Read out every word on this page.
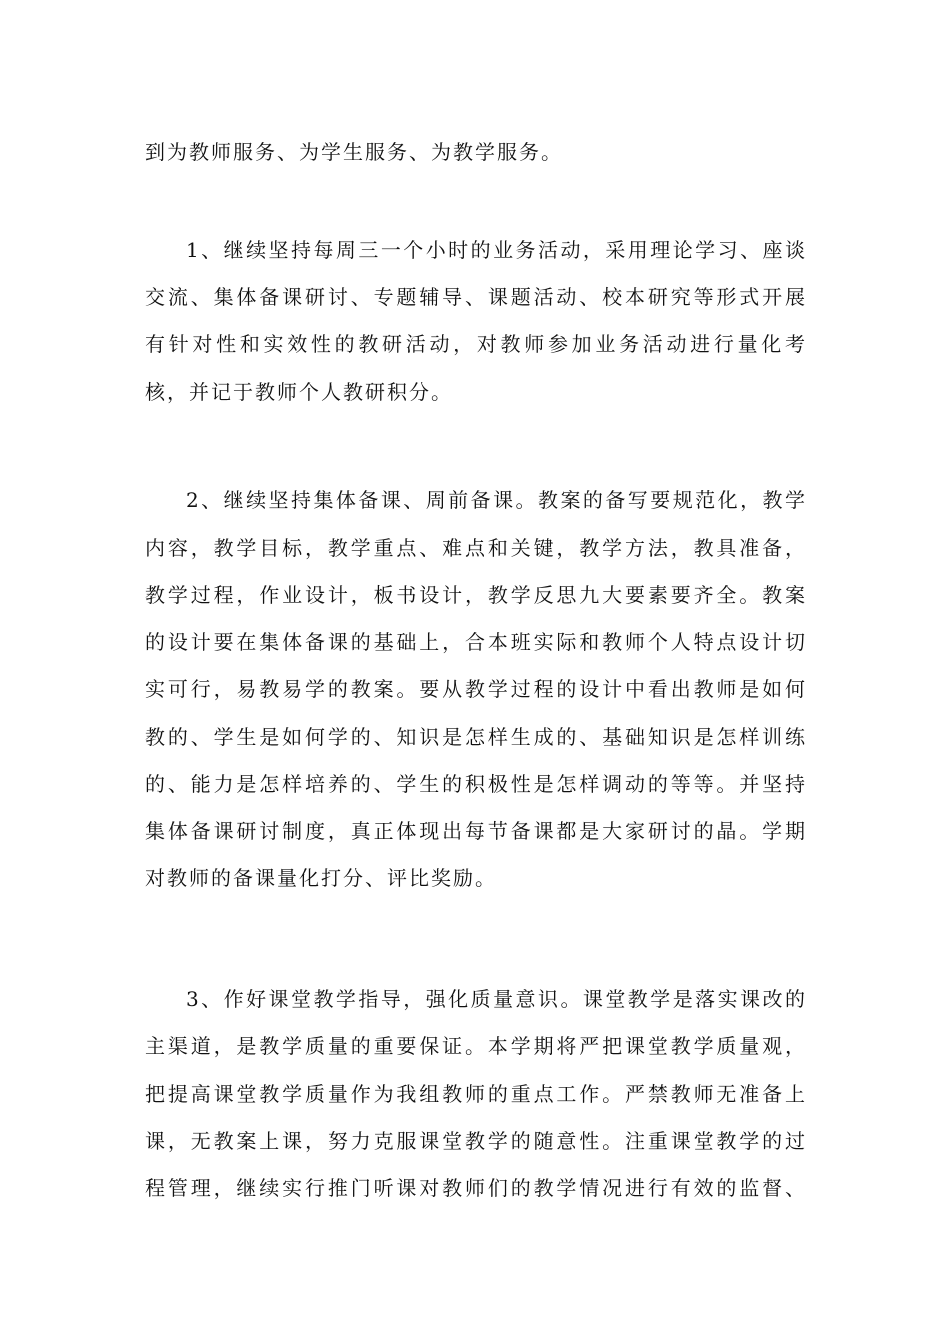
到为教师服务、为学生服务、为教学服务。
1、继续坚持每周三一个小时的业务活动，采用理论学习、座谈
交流、集体备课研讨、专题辅导、课题活动、校本研究等形式开展
有针对性和实效性的教研活动，对教师参加业务活动进行量化考
核，并记于教师个人教研积分。
2、继续坚持集体备课、周前备课。教案的备写要规范化，教学
内容，教学目标，教学重点、难点和关键，教学方法，教具准备，
教学过程，作业设计，板书设计，教学反思九大要素要齐全。教案
的设计要在集体备课的基础上，合本班实际和教师个人特点设计切
实可行，易教易学的教案。要从教学过程的设计中看出教师是如何
教的、学生是如何学的、知识是怎样生成的、基础知识是怎样训练
的、能力是怎样培养的、学生的积极性是怎样调动的等等。并坚持
集体备课研讨制度，真正体现出每节备课都是大家研讨的晶。学期
对教师的备课量化打分、评比奖励。
3、作好课堂教学指导，强化质量意识。课堂教学是落实课改的
主渠道，是教学质量的重要保证。本学期将严把课堂教学质量观，
把提高课堂教学质量作为我组教师的重点工作。严禁教师无准备上
课，无教案上课，努力克服课堂教学的随意性。注重课堂教学的过
程管理，继续实行推门听课对教师们的教学情况进行有效的监督、
